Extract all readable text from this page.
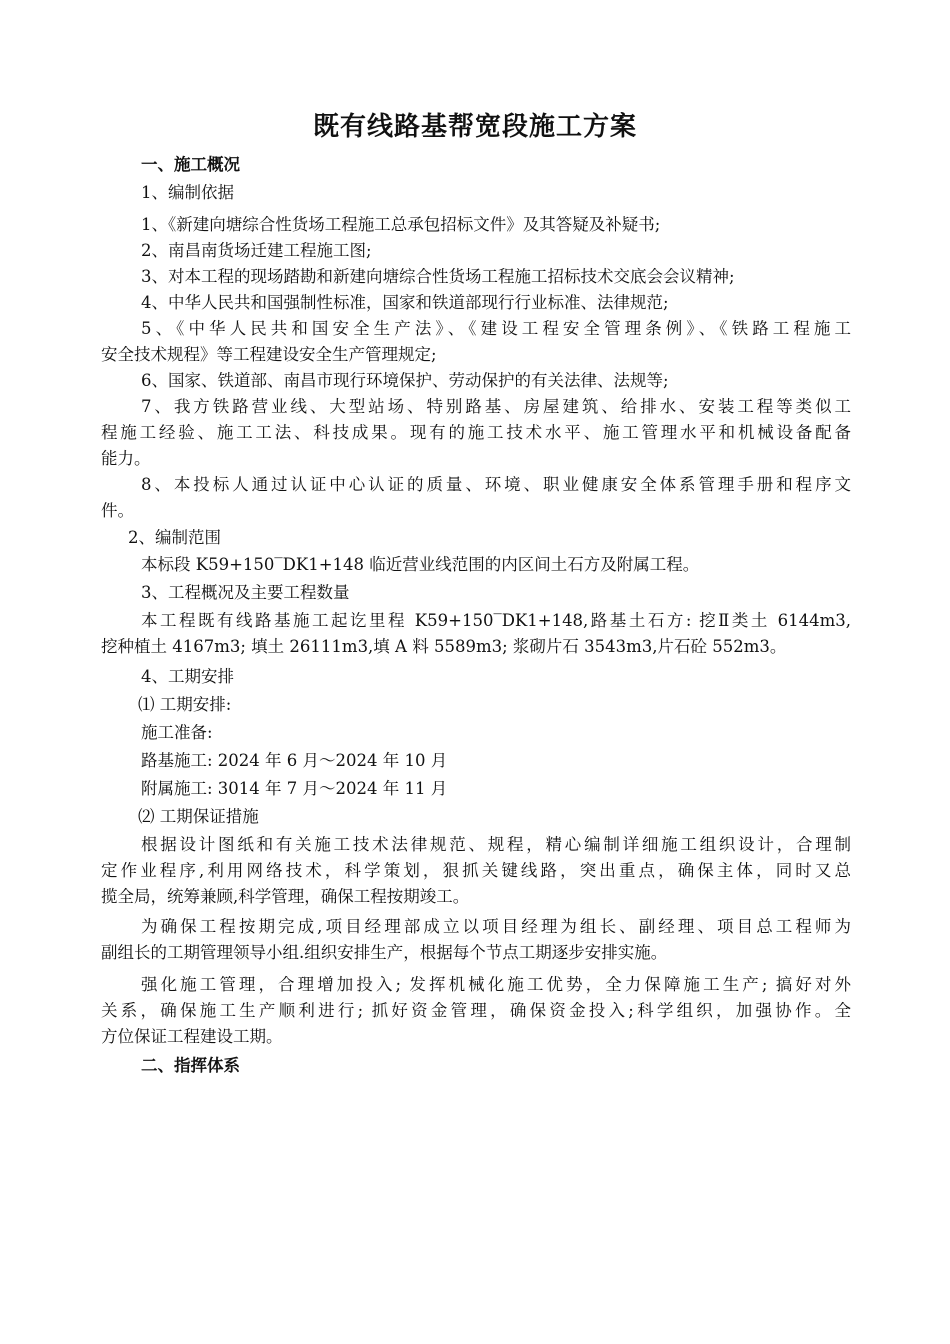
既有线路基帮宽段施工方案
一、施工概况
1、编制依据
1、《新建向塘综合性货场工程施工总承包招标文件》及其答疑及补疑书;
2、南昌南货场迁建工程施工图;
3、对本工程的现场踏勘和新建向塘综合性货场工程施工招标技术交底会会议精神;
4、中华人民共和国强制性标准，国家和铁道部现行行业标准、法律规范;
5、《中华人民共和国安全生产法》、《建设工程安全管理条例》、《铁路工程施工
安全技术规程》等工程建设安全生产管理规定;
6、国家、铁道部、南昌市现行环境保护、劳动保护的有关法律、法规等;
7、我方铁路营业线、大型站场、特别路基、房屋建筑、给排水、安装工程等类似工
程施工经验、施工工法、科技成果。现有的施工技术水平、施工管理水平和机械设备配备
能力。
8、本投标人通过认证中心认证的质量、环境、职业健康安全体系管理手册和程序文
件。
2、编制范围
本标段 K59+150‾DK1+148 临近营业线范围的内区间土石方及附属工程。
3、工程概况及主要工程数量
本工程既有线路基施工起讫里程 K59+150‾DK1+148,路基土石方: 挖Ⅱ类土 6144m3,
挖种植土 4167m3; 填土 26111m3,填 A 料 5589m3; 浆砌片石 3543m3,片石砼 552m3。
4、工期安排
⑴ 工期安排:
施工准备:
路基施工: 2024 年 6 月～2024 年 10 月
附属施工: 3014 年 7 月～2024 年 11 月
⑵ 工期保证措施
根据设计图纸和有关施工技术法律规范、规程，精心编制详细施工组织设计，合理制
定作业程序,利用网络技术，科学策划，狠抓关键线路，突出重点，确保主体，同时又总
揽全局，统筹兼顾,科学管理，确保工程按期竣工。
为确保工程按期完成,项目经理部成立以项目经理为组长、副经理、项目总工程师为
副组长的工期管理领导小组.组织安排生产，根据每个节点工期逐步安排实施。
强化施工管理，合理增加投入; 发挥机械化施工优势，全力保障施工生产; 搞好对外
关系，确保施工生产顺利进行; 抓好资金管理，确保资金投入;科学组织，加强协作。全
方位保证工程建设工期。
二、指挥体系
